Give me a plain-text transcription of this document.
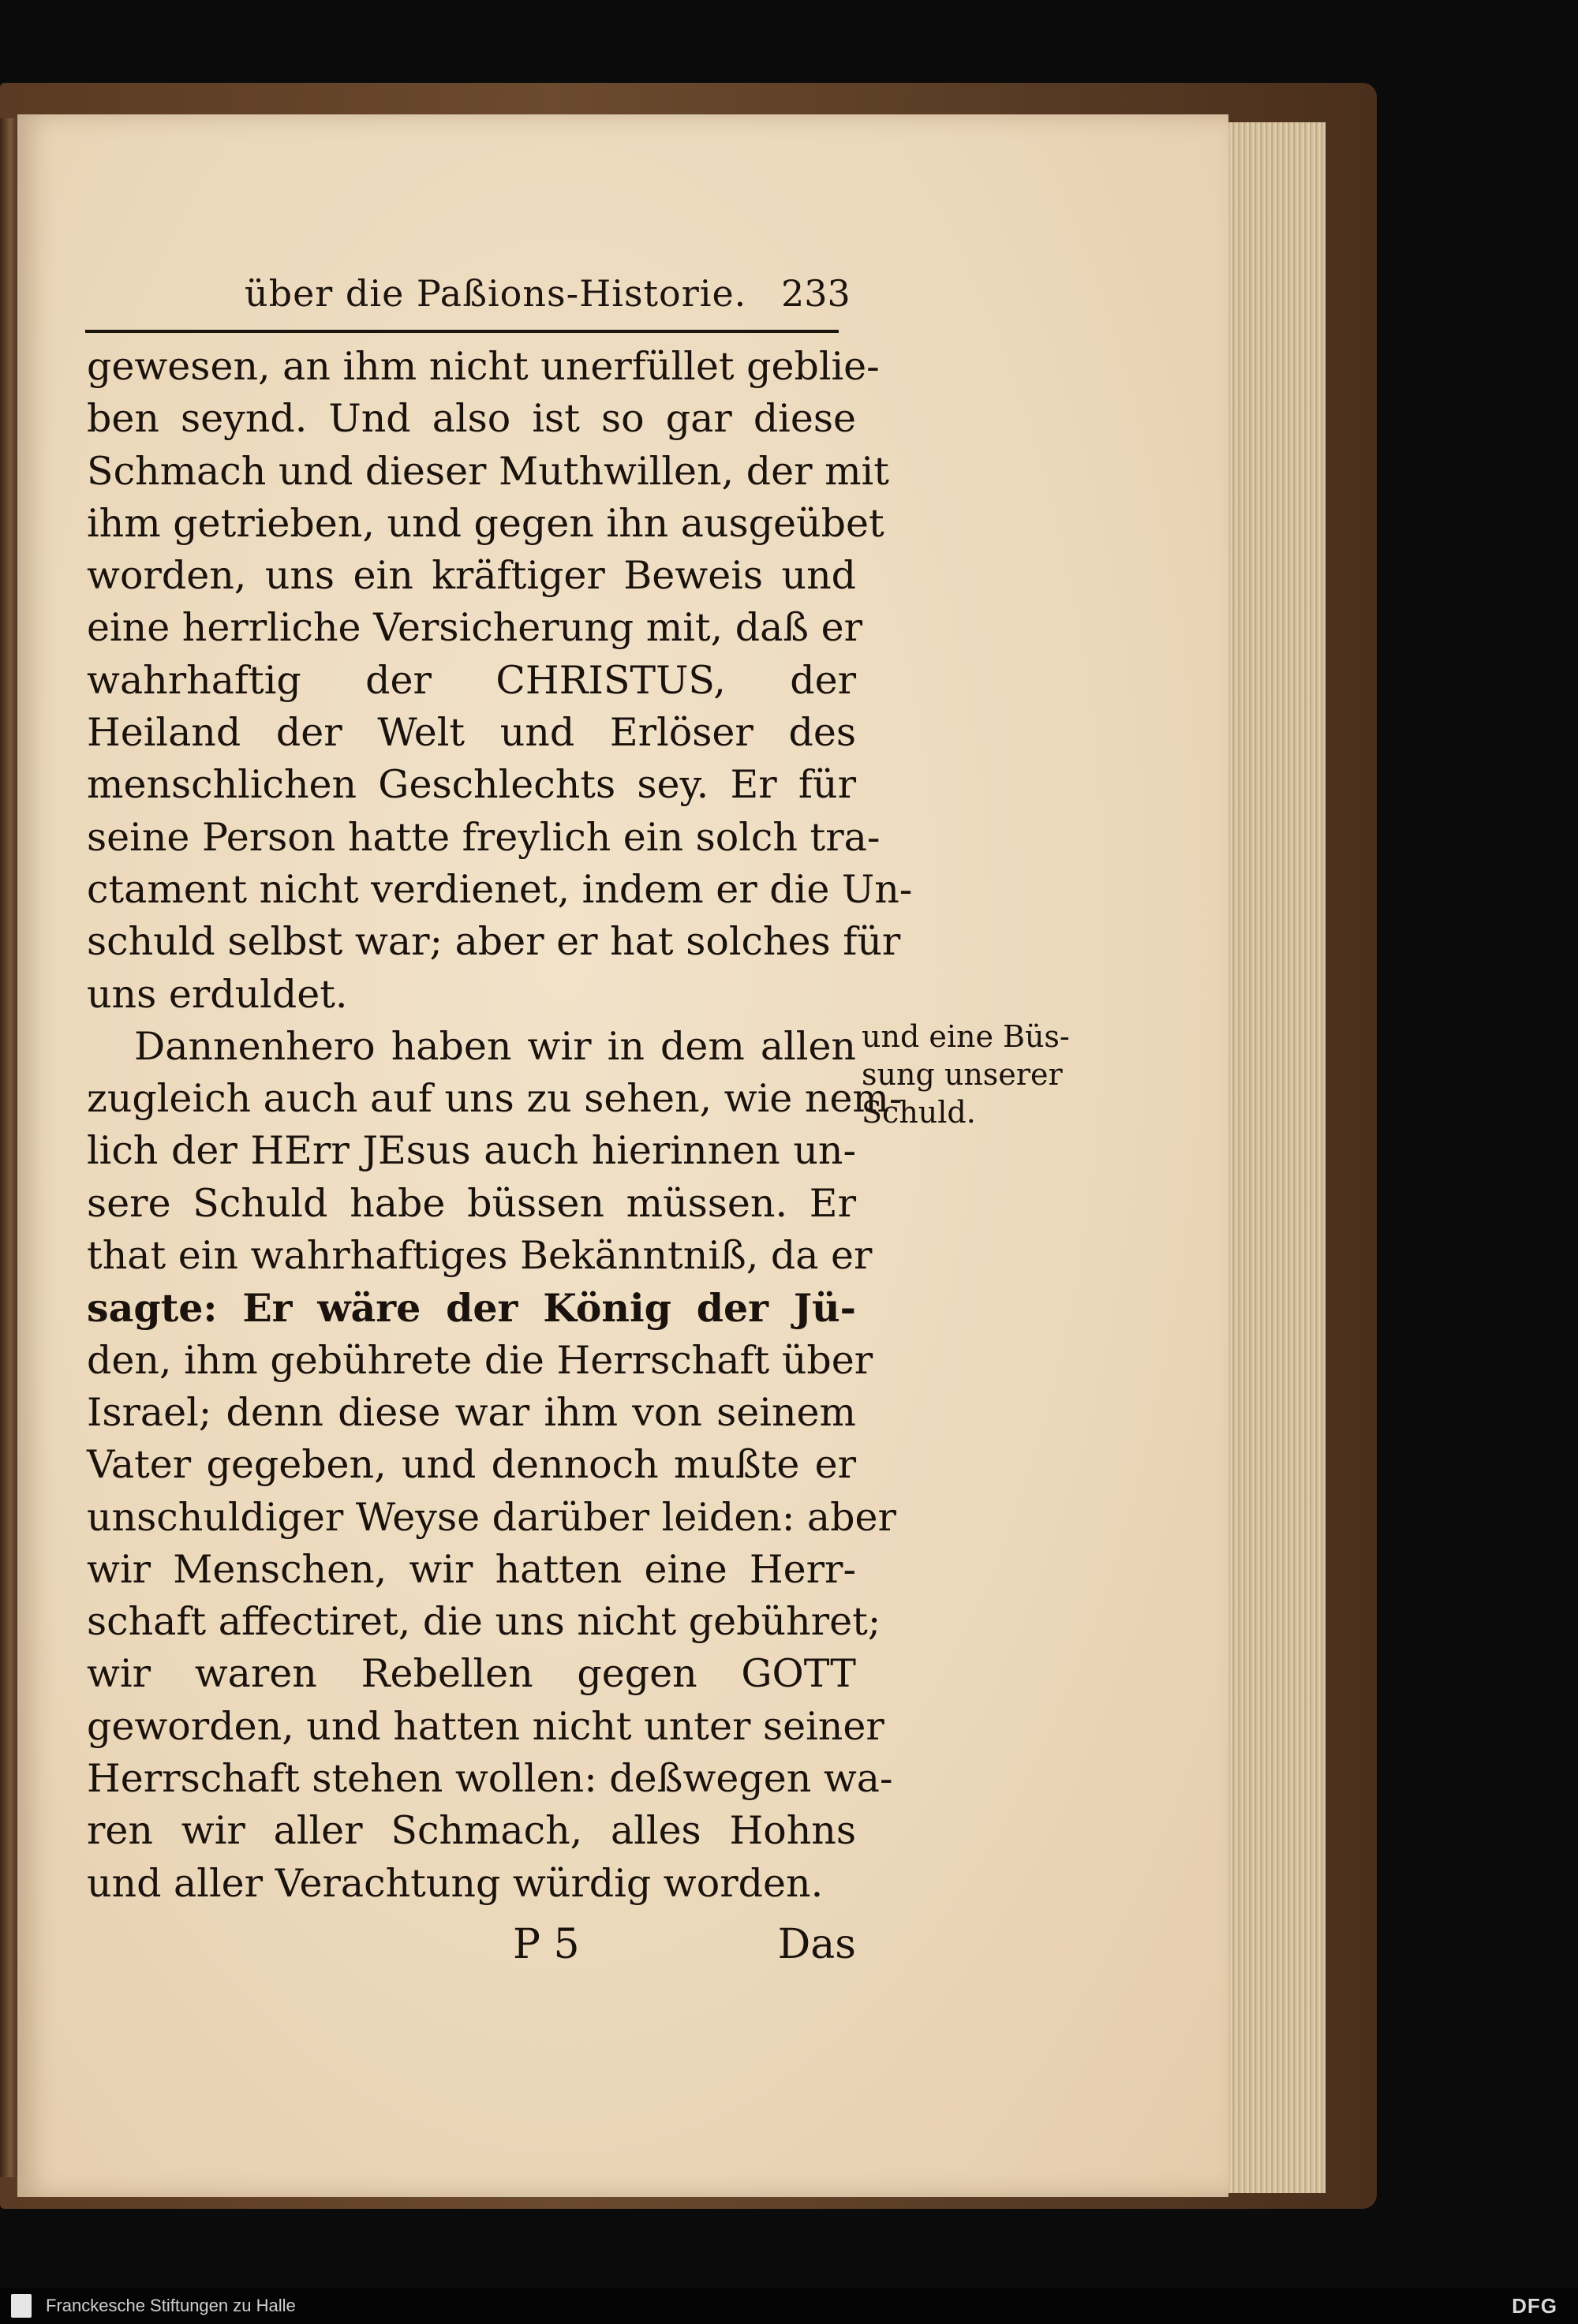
über die Paßions-Historie. 233
gewesen, an ihm nicht unerfüllet geblie-
ben seynd. Und also ist so gar diese
Schmach und dieser Muthwillen, der mit
ihm getrieben, und gegen ihn ausgeübet
worden, uns ein kräftiger Beweis und
eine herrliche Versicherung mit, daß er
wahrhaftig der CHRISTUS, der
Heiland der Welt und Erlöser des
menschlichen Geschlechts sey. Er für
seine Person hatte freylich ein solch tra-
ctament nicht verdienet, indem er die Un-
schuld selbst war; aber er hat solches für
uns erduldet.
Dannenhero haben wir in dem allen
zugleich auch auf uns zu sehen, wie nem-
lich der HErr JEsus auch hierinnen un-
sere Schuld habe büssen müssen. Er
that ein wahrhaftiges Bekänntniß, da er
sagte: Er wäre der König der Jü-
den, ihm gebührete die Herrschaft über
Israel; denn diese war ihm von seinem
Vater gegeben, und dennoch mußte er
unschuldiger Weyse darüber leiden: aber
wir Menschen, wir hatten eine Herr-
schaft affectiret, die uns nicht gebühret;
wir waren Rebellen gegen GOTT
geworden, und hatten nicht unter seiner
Herrschaft stehen wollen: deßwegen wa-
ren wir aller Schmach, alles Hohns
und aller Verachtung würdig worden.
und eine Büs-
sung unserer
Schuld.
P 5	Das
Franckesche Stiftungen zu Halle	DFG
